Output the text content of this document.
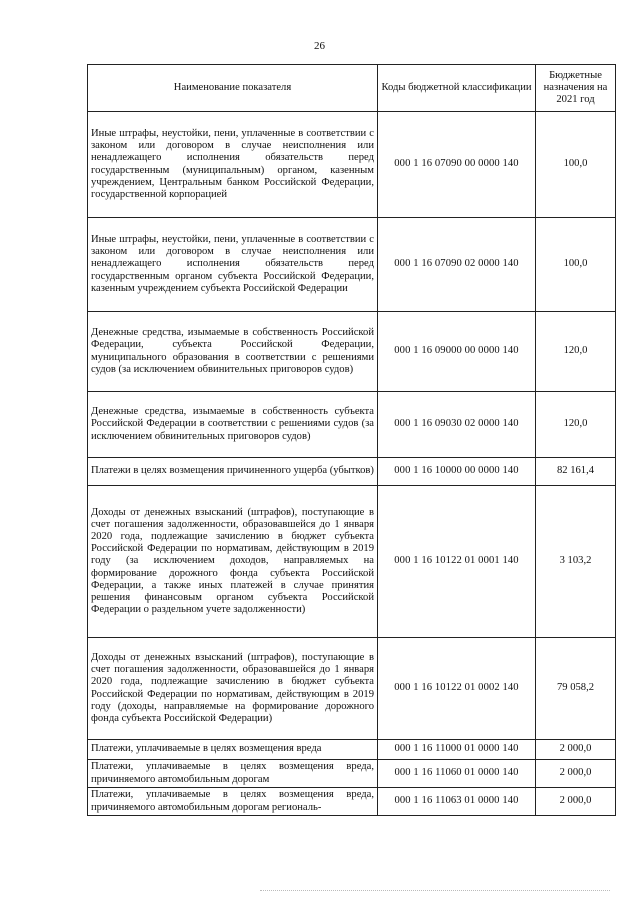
26
Наименование показателя	Коды бюджетной классификации	Бюджетные назначения на 2021 год
Иные штрафы, неустойки, пени, уплаченные в соответствии с законом или договором в случае неисполнения или ненадлежащего исполнения обязательств перед государственным (муниципальным) органом, казенным учреждением, Центральным банком Российской Федерации, государственной корпорацией	000 1 16 07090 00 0000 140	100,0
Иные штрафы, неустойки, пени, уплаченные в соответствии с законом или договором в случае неисполнения или ненадлежащего исполнения обязательств перед государственным органом субъекта Российской Федерации, казенным учреждением субъекта Российской Федерации	000 1 16 07090 02 0000 140	100,0
Денежные средства, изымаемые в собственность Российской Федерации, субъекта Российской Федерации, муниципального образования в соответствии с решениями судов (за исключением обвинительных приговоров судов)	000 1 16 09000 00 0000 140	120,0
Денежные средства, изымаемые в собственность субъекта Российской Федерации в соответствии с решениями судов (за исключением обвинительных приговоров судов)	000 1 16 09030 02 0000 140	120,0
Платежи в целях возмещения причиненного ущерба (убытков)	000 1 16 10000 00 0000 140	82 161,4
Доходы от денежных взысканий (штрафов), поступающие в счет погашения задолженности, образовавшейся до 1 января 2020 года, подлежащие зачислению в бюджет субъекта Российской Федерации по нормативам, действующим в 2019 году (за исключением доходов, направляемых на формирование дорожного фонда субъекта Российской Федерации, а также иных платежей в случае принятия решения финансовым органом субъекта Российской Федерации о раздельном учете задолженности)	000 1 16 10122 01 0001 140	3 103,2
Доходы от денежных взысканий (штрафов), поступающие в счет погашения задолженности, образовавшейся до 1 января 2020 года, подлежащие зачислению в бюджет субъекта Российской Федерации по нормативам, действующим в 2019 году (доходы, направляемые на формирование дорожного фонда субъекта Российской Федерации)	000 1 16 10122 01 0002 140	79 058,2
Платежи, уплачиваемые в целях возмещения вреда	000 1 16 11000 01 0000 140	2 000,0
Платежи, уплачиваемые в целях возмещения вреда, причиняемого автомобильным дорогам	000 1 16 11060 01 0000 140	2 000,0
Платежи, уплачиваемые в целях возмещения вреда, причиняемого автомобильным дорогам региональ-	000 1 16 11063 01 0000 140	2 000,0
